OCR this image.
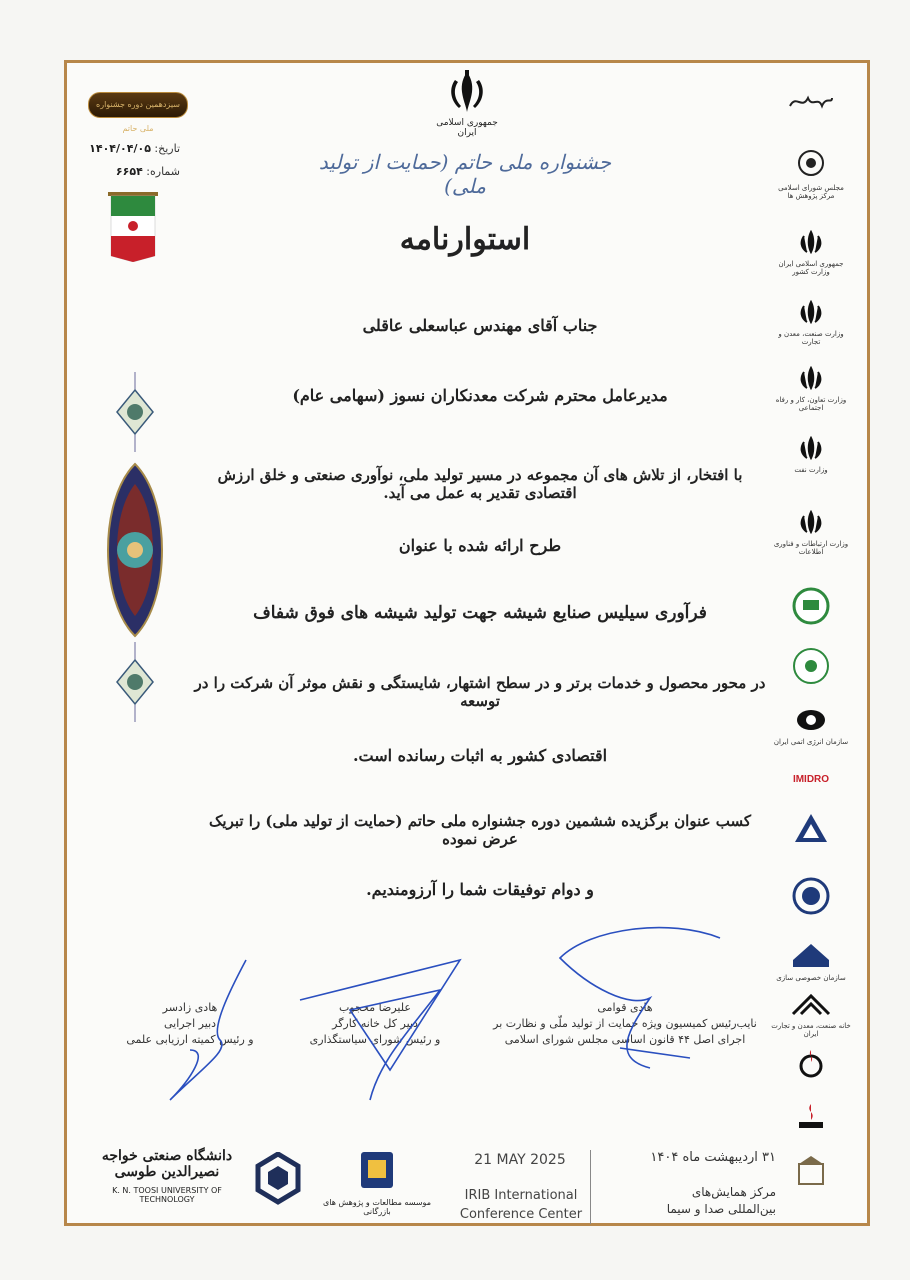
جمهوری اسلامی ایران
سیزدهمین دوره جشنواره ملی حاتم
تاریخ: ۱۴۰۴/۰۴/۰۵
شماره: ۶۶۵۴	جشنواره ملی حاتم (حمایت از تولید ملی)
استوارنامه
جناب آقای مهندس عباسعلی عاقلی
مدیرعامل محترم شرکت معدنکاران نسوز (سهامی عام)
با افتخار، از تلاش های آن مجموعه در مسیر تولید ملی، نوآوری صنعتی و خلق ارزش اقتصادی تقدیر به عمل می آید.
طرح ارائه شده با عنوان
فرآوری سیلیس صنایع شیشه جهت تولید شیشه های فوق شفاف
در محور محصول و خدمات برتر و در سطح اشتهار، شایستگی و نقش موثر آن شرکت را در توسعه
اقتصادی کشور به اثبات رسانده است.
کسب عنوان برگزیده ششمین دوره جشنواره ملی حاتم (حمایت از تولید ملی) را تبریک عرض نموده
و دوام توفیقات شما را آرزومندیم.
هادی زادسر
دبیر اجرایی
و رئیس کمیته ارزیابی علمی
علیرضا محجوب
دبیر کل خانه کارگر
و رئیس شورای سیاستگذاری
هادی قوامی
نایب‌رئیس کمیسیون ویژه حمایت از تولید ملّی و نظارت بر
اجرای اصل ۴۴ قانون اساسی مجلس شورای اسلامی
مجلس شورای اسلامی مرکز پژوهش ها
جمهوری اسلامی ایران وزارت کشور
وزارت صنعت، معدن و تجارت
وزارت تعاون، کار و رفاه اجتماعی
وزارت نفت
وزارت ارتباطات و فناوری اطلاعات
سازمان انرژی اتمی ایران
IMIDRO
سازمان خصوصی سازی
خانه صنعت، معدن و تجارت ایران
دانشگاه صنعتی خواجه نصیرالدین طوسی
K. N. TOOSI UNIVERSITY OF TECHNOLOGY	موسسه مطالعات و پژوهش های بازرگانی
21 MAY 2025
IRIB International
Conference Center
۳۱ اردیبهشت ماه ۱۴۰۴
مرکز همایش‌های
بین‌المللی صدا و سیما
